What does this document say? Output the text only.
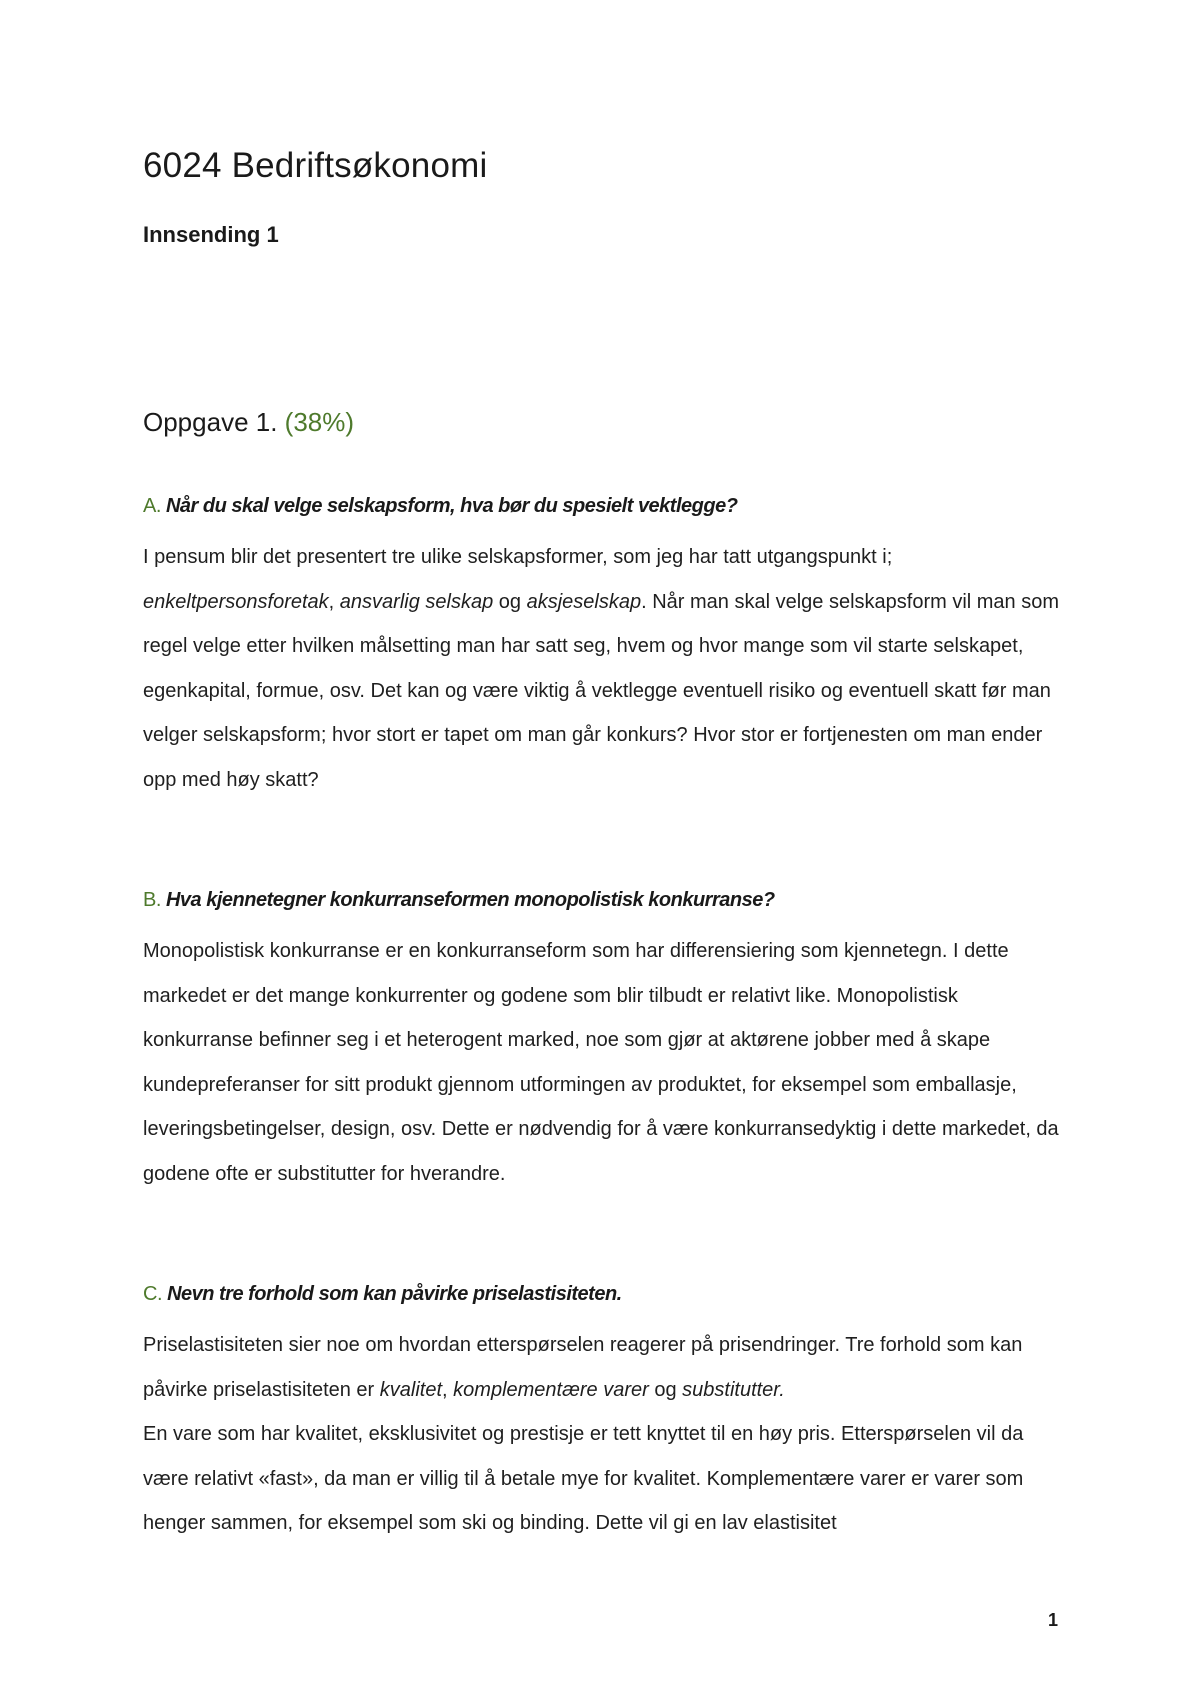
6024 Bedriftsøkonomi
Innsending 1
Oppgave 1. (38%)
A. Når du skal velge selskapsform, hva bør du spesielt vektlegge?

I pensum blir det presentert tre ulike selskapsformer, som jeg har tatt utgangspunkt i; enkeltpersonsforetak, ansvarlig selskap og aksjeselskap. Når man skal velge selskapsform vil man som regel velge etter hvilken målsetting man har satt seg, hvem og hvor mange som vil starte selskapet, egenkapital, formue, osv. Det kan og være viktig å vektlegge eventuell risiko og eventuell skatt før man velger selskapsform; hvor stort er tapet om man går konkurs? Hvor stor er fortjenesten om man ender opp med høy skatt?

B. Hva kjennetegner konkurranseformen monopolistisk konkurranse?

Monopolistisk konkurranse er en konkurranseform som har differensiering som kjennetegn. I dette markedet er det mange konkurrenter og godene som blir tilbudt er relativt like. Monopolistisk konkurranse befinner seg i et heterogent marked, noe som gjør at aktørene jobber med å skape kundepreferanser for sitt produkt gjennom utformingen av produktet, for eksempel som emballasje, leveringsbetingelser, design, osv. Dette er nødvendig for å være konkurransedyktig i dette markedet, da godene ofte er substitutter for hverandre.

C. Nevn tre forhold som kan påvirke priselastisiteten.

Priselastisiteten sier noe om hvordan etterspørselen reagerer på prisendringer. Tre forhold som kan påvirke priselastisiteten er kvalitet, komplementære varer og substitutter.
En vare som har kvalitet, eksklusivitet og prestisje er tett knyttet til en høy pris. Etterspørselen vil da være relativt «fast», da man er villig til å betale mye for kvalitet. Komplementære varer er varer som henger sammen, for eksempel som ski og binding. Dette vil gi en lav elastisitet

1
